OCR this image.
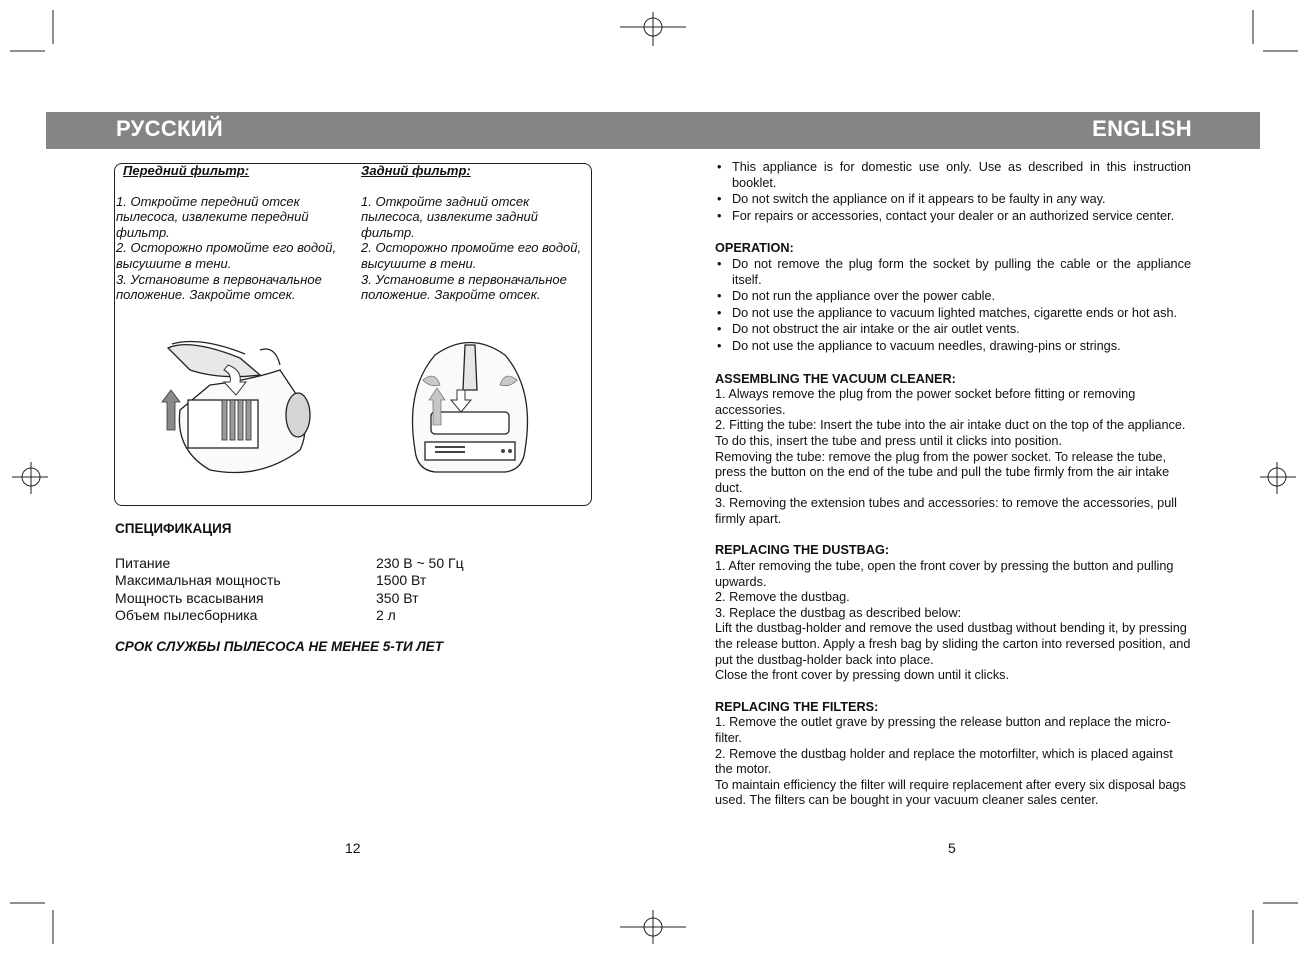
РУССКИЙ	ENGLISH
Передний фильтр:

1. Откройте передний отсек пылесоса, извлеките передний фильтр.

2. Осторожно промойте его водой, высушите в тени.

3. Установите в первоначальное положение. Закройте отсек.

Задний фильтр:

1. Откройте задний отсек пылесоса, извлеките задний фильтр.

2. Осторожно промойте его водой, высушите в тени.

3. Установите в первоначальное положение. Закройте отсек.

СПЕЦИФИКАЦИЯ
Питание	230 В ~ 50 Гц
Максимальная мощность	1500 Вт
Мощность всасывания	350 Вт
Объем пылесборника	2 л
СРОК СЛУЖБЫ ПЫЛЕСОСА НЕ МЕНЕЕ 5-ТИ ЛЕТ
12	5
• This appliance is for domestic use only. Use as described in this instruction booklet.
• Do not switch the appliance on if it appears to be faulty in any way.
• For repairs or accessories, contact your dealer or an authorized service center.
OPERATION:
• Do not remove the plug form the socket by pulling the cable or the appliance itself.
• Do not run the appliance over the power cable.
• Do not use the appliance to vacuum lighted matches, cigarette ends or hot ash.
• Do not obstruct the air intake or the air outlet vents.
• Do not use the appliance to vacuum needles, drawing-pins or strings.
ASSEMBLING THE VACUUM CLEANER:

1. Always remove the plug from the power socket before fitting or removing accessories.

2. Fitting the tube: Insert the tube into the air intake duct on the top of the appliance. To do this, insert the tube and press until it clicks into position.

Removing the tube: remove the plug from the power socket. To release the tube, press the button on the end of the tube and pull the tube firmly from the air intake duct.

3. Removing the extension tubes and accessories: to remove the accessories, pull firmly apart.

REPLACING THE DUSTBAG:

1. After removing the tube, open the front cover by pressing the button and pulling upwards.

2. Remove the dustbag.

3. Replace the dustbag as described below:

Lift the dustbag-holder and remove the used dustbag without bending it, by pressing the release button. Apply a fresh bag by sliding the carton into reversed position, and put the dustbag-holder back into place.

Close the front cover by pressing down until it clicks.

REPLACING THE FILTERS:

1. Remove the outlet grave by pressing the release button and replace the micro-filter.

2. Remove the dustbag holder and replace the motorfilter, which is placed against the motor.

To maintain efficiency the filter will require replacement after every six disposal bags used. The filters can be bought in your vacuum cleaner sales center.
